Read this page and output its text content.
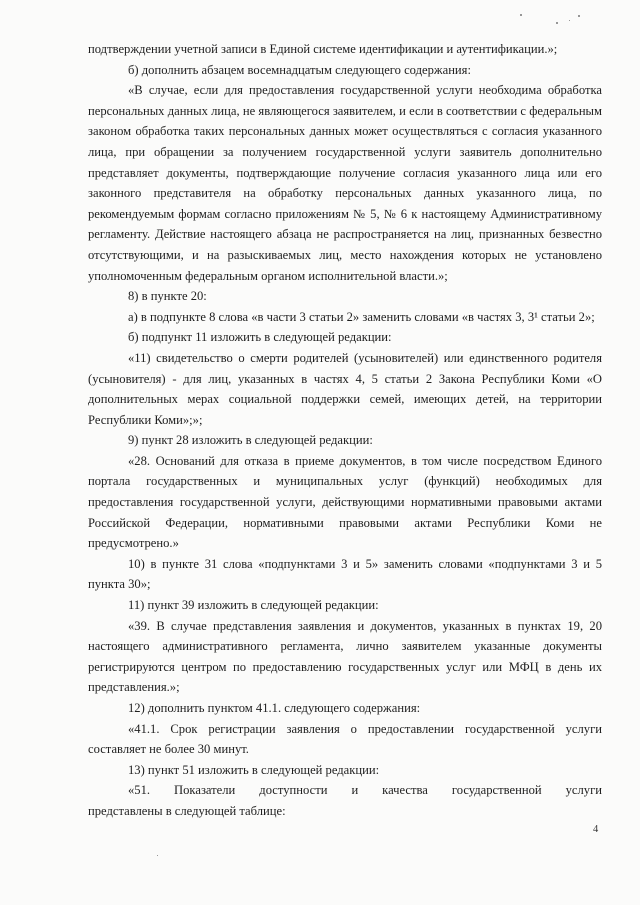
подтверждении учетной записи в Единой системе идентификации и аутентификации.»;

б) дополнить абзацем восемнадцатым следующего содержания:

«В случае, если для предоставления государственной услуги необходима обработка персональных данных лица, не являющегося заявителем, и если в соответствии с федеральным законом обработка таких персональных данных может осуществляться с согласия указанного лица, при обращении за получением государственной услуги заявитель дополнительно представляет документы, подтверждающие получение согласия указанного лица или его законного представителя на обработку персональных данных указанного лица, по рекомендуемым формам согласно приложениям № 5, № 6 к настоящему Административному регламенту. Действие настоящего абзаца не распространяется на лиц, признанных безвестно отсутствующими, и на разыскиваемых лиц, место нахождения которых не установлено уполномоченным федеральным органом исполнительной власти.»;

8) в пункте 20:

а) в подпункте 8 слова «в части 3 статьи 2» заменить словами «в частях 3, 3¹ статьи 2»;

б) подпункт 11 изложить в следующей редакции:

«11) свидетельство о смерти родителей (усыновителей) или единственного родителя (усыновителя) - для лиц, указанных в частях 4, 5 статьи 2 Закона Республики Коми «О дополнительных мерах социальной поддержки семей, имеющих детей, на территории Республики Коми»;»;

9) пункт 28 изложить в следующей редакции:

«28. Оснований для отказа в приеме документов, в том числе посредством Единого портала государственных и муниципальных услуг (функций) необходимых для предоставления государственной услуги, действующими нормативными правовыми актами Российской Федерации, нормативными правовыми актами Республики Коми не предусмотрено.»

10) в пункте 31 слова «подпунктами 3 и 5» заменить словами «подпунктами 3 и 5 пункта 30»;

11) пункт 39 изложить в следующей редакции:

«39. В случае представления заявления и документов, указанных в пунктах 19, 20 настоящего административного регламента, лично заявителем указанные документы регистрируются центром по предоставлению государственных услуг или МФЦ в день их представления.»;

12) дополнить пунктом 41.1. следующего содержания:

«41.1. Срок регистрации заявления о предоставлении государственной услуги составляет не более 30 минут.

13) пункт 51 изложить в следующей редакции:

«51. Показатели доступности и качества государственной услуги

представлены в следующей таблице:

4
